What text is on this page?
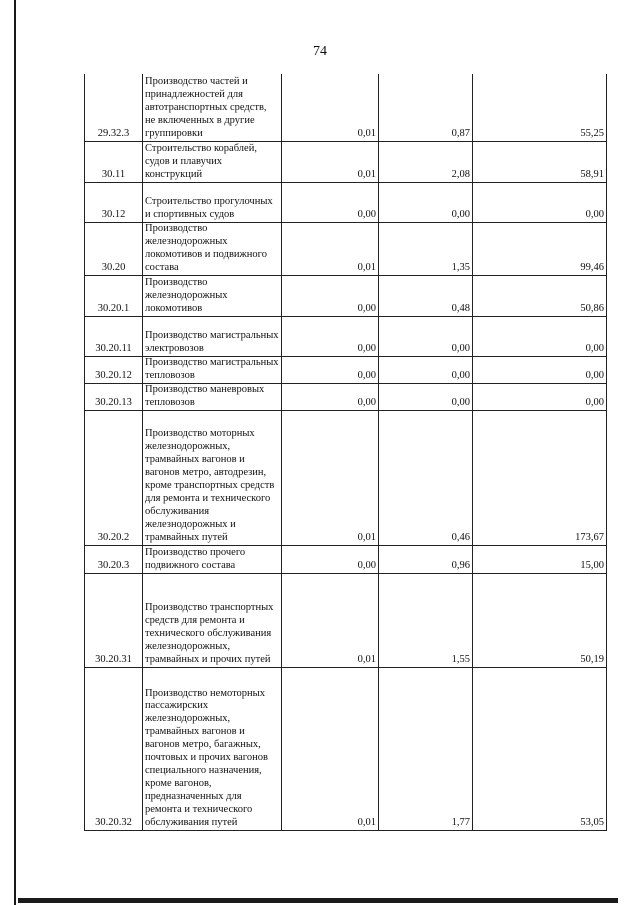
74
29.32.3	Производство частей и принадлежностей для автотранспортных средств, не включенных в другие группировки	0,01	0,87	55,25
30.11	Строительство кораблей, судов и плавучих конструкций	0,01	2,08	58,91
30.12	Строительство прогулочных и спортивных судов	0,00	0,00	0,00
30.20	Производство железнодорожных локомотивов и подвижного состава	0,01	1,35	99,46
30.20.1	Производство железнодорожных локомотивов	0,00	0,48	50,86
30.20.11	Производство магистральных электровозов	0,00	0,00	0,00
30.20.12	Производство магистральных тепловозов	0,00	0,00	0,00
30.20.13	Производство маневровых тепловозов	0,00	0,00	0,00
30.20.2	Производство моторных железнодорожных, трамвайных вагонов и вагонов метро, автодрезин, кроме транспортных средств для ремонта и технического обслуживания железнодорожных и трамвайных путей	0,01	0,46	173,67
30.20.3	Производство прочего подвижного состава	0,00	0,96	15,00
30.20.31	Производство транспортных средств для ремонта и технического обслуживания железнодорожных, трамвайных и прочих путей	0,01	1,55	50,19
30.20.32	Производство немоторных пассажирских железнодорожных, трамвайных вагонов и вагонов метро, багажных, почтовых и прочих вагонов специального назначения, кроме вагонов, предназначенных для ремонта и технического обслуживания путей	0,01	1,77	53,05
